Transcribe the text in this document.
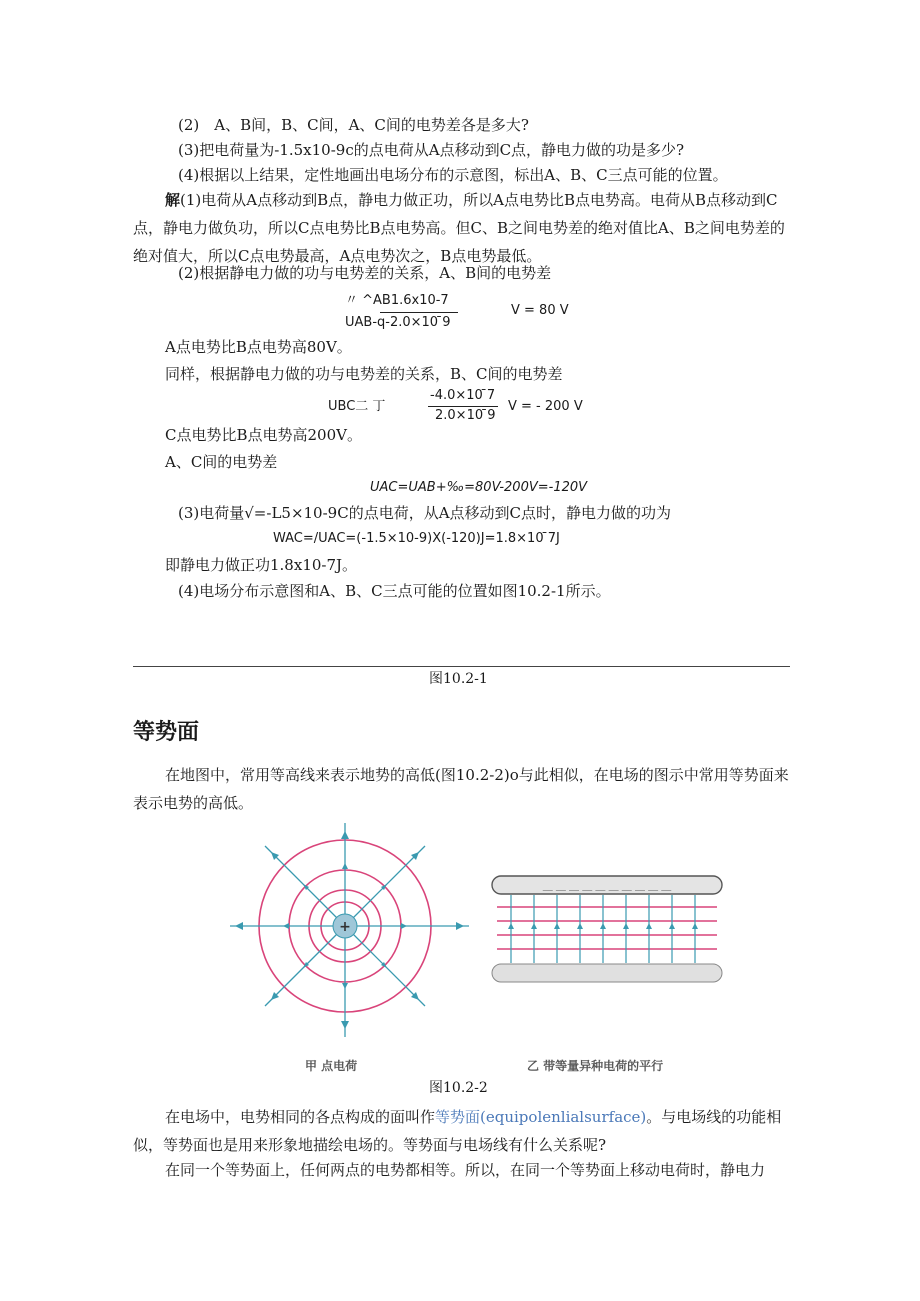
(2)　A、B间，B、C间，A、C间的电势差各是多大?
(3)把电荷量为-1.5x10-9c的点电荷从A点移动到C点，静电力做的功是多少?
(4)根据以上结果，定性地画出电场分布的示意图，标出A、B、C三点可能的位置。
解(1)电荷从A点移动到B点，静电力做正功，所以A点电势比B点电势高。电荷从B点移动到C点，静电力做负功，所以C点电势比B点电势高。但C、B之间电势差的绝对值比A、B之间电势差的绝对值大，所以C点电势最高，A点电势次之，B点电势最低。
(2)根据静电力做的功与电势差的关系，A、B间的电势差
〃 ^AB1.6x10-7
UAB-q-2.0×10 ̄9
V = 80 V
A点电势比B点电势高80V。
同样，根据静电力做的功与电势差的关系，B、C间的电势差
UBC二 丁
-4.0×10 ̄7
2.0×10 ̄9
V = - 200 V
C点电势比B点电势高200V。
A、C间的电势差
UAC=UAB+‰=80V-200V=-120V
(3)电荷量√=-L5×10-9C的点电荷，从A点移动到C点时，静电力做的功为
WAC=/UAC=(-1.5×10-9)X(-120)J=1.8×10 ̄7J
即静电力做正功1.8x10-7J。
(4)电场分布示意图和A、B、C三点可能的位置如图10.2-1所示。
图10.2-1
等势面
在地图中，常用等高线来表示地势的高低(图10.2-2)o与此相似，在电场的图示中常用等势面来表示电势的高低。
+
＿ ＿ ＿ ＿ ＿ ＿ ＿ ＿ ＿ ＿
甲 点电荷	乙 带等量异种电荷的平行
图10.2-2
在电场中，电势相同的各点构成的面叫作等势面(equipolenlialsurface)。与电场线的功能相似，等势面也是用来形象地描绘电场的。等势面与电场线有什么关系呢?
在同一个等势面上，任何两点的电势都相等。所以，在同一个等势面上移动电荷时，静电力
